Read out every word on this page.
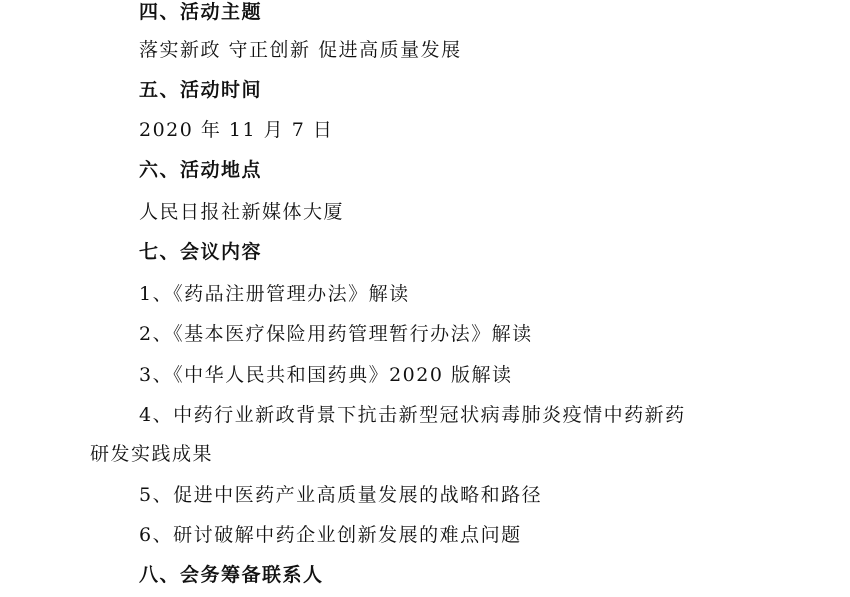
四、活动主题
落实新政 守正创新 促进高质量发展
五、活动时间
2020 年 11 月 7 日
六、活动地点
人民日报社新媒体大厦
七、会议内容
1、《药品注册管理办法》解读
2、《基本医疗保险用药管理暂行办法》解读
3、《中华人民共和国药典》2020 版解读
4、中药行业新政背景下抗击新型冠状病毒肺炎疫情中药新药
研发实践成果
5、促进中医药产业高质量发展的战略和路径
6、研讨破解中药企业创新发展的难点问题
八、会务筹备联系人
